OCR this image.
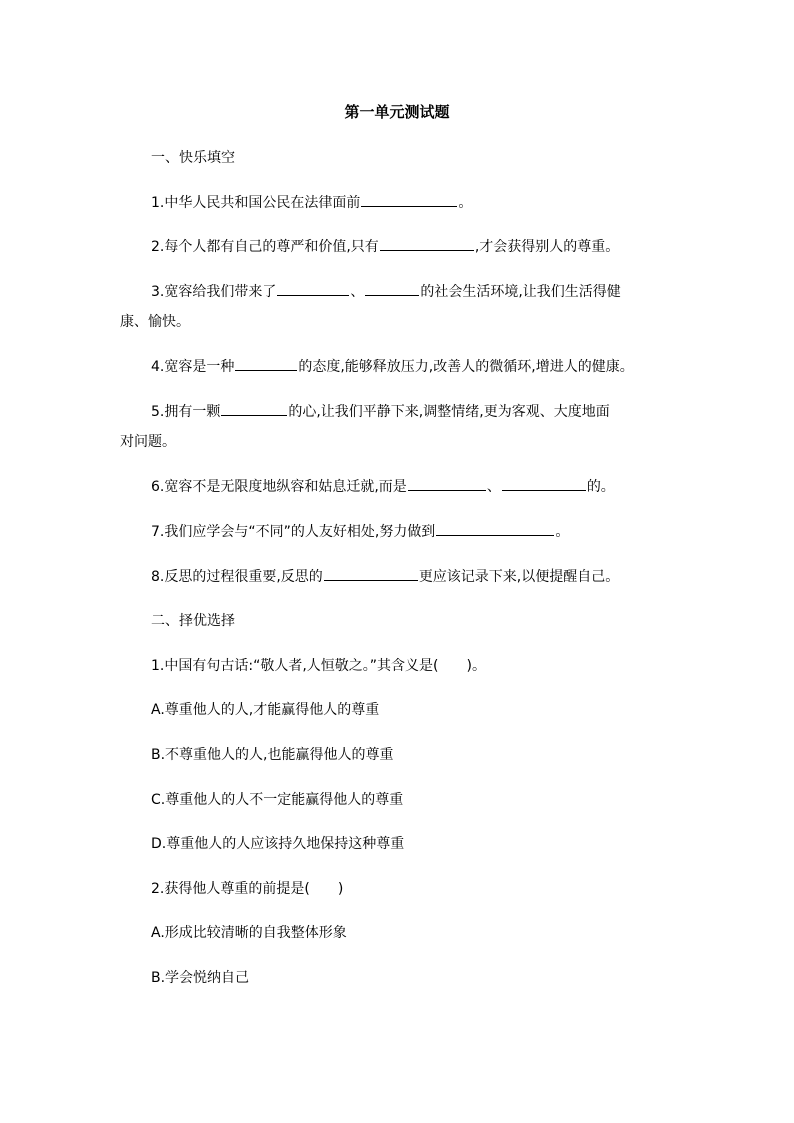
第一单元测试题
一、快乐填空
1.中华人民共和国公民在法律面前	。
2.每个人都有自己的尊严和价值,只有	,才会获得别人的尊重。
3.宽容给我们带来了	、	的社会生活环境,让我们生活得健
康、愉快。
4.宽容是一种	的态度,能够释放压力,改善人的微循环,增进人的健康。
5.拥有一颗	的心,让我们平静下来,调整情绪,更为客观、大度地面
对问题。
6.宽容不是无限度地纵容和姑息迁就,而是	、	的。
7.我们应学会与“不同”的人友好相处,努力做到	。
8.反思的过程很重要,反思的	更应该记录下来,以便提醒自己。
二、择优选择
1.中国有句古话:“敬人者,人恒敬之。”其含义是( )。
A.尊重他人的人,才能赢得他人的尊重
B.不尊重他人的人,也能赢得他人的尊重
C.尊重他人的人不一定能赢得他人的尊重
D.尊重他人的人应该持久地保持这种尊重
2.获得他人尊重的前提是( )
A.形成比较清晰的自我整体形象
B.学会悦纳自己
